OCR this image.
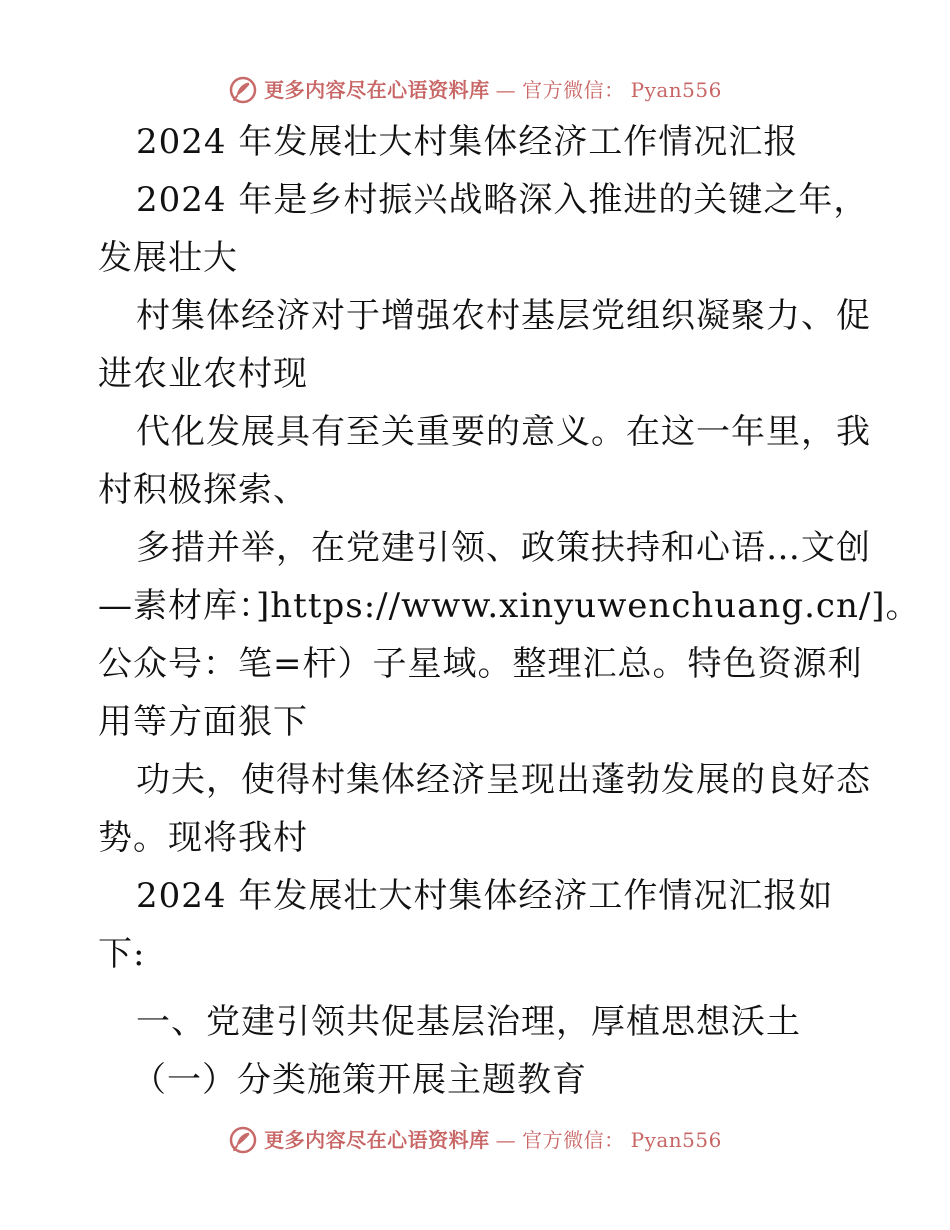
更多内容尽在心语资料库 — 官方微信： Pyan556

2024 年发展壮大村集体经济工作情况汇报

2024 年是乡村振兴战略深入推进的关键之年，

发展壮大

村集体经济对于增强农村基层党组织凝聚力、促

进农业农村现

代化发展具有至关重要的意义。在这一年里，我

村积极探索、

多措并举，在党建引领、政策扶持和心语…文创

—素材库：]https://www.xinyuwenchuang.cn/]。

公众号：笔=杆）子星域。整理汇总。特色资源利

用等方面狠下

功夫，使得村集体经济呈现出蓬勃发展的良好态

势。现将我村

2024 年发展壮大村集体经济工作情况汇报如

下:

一、党建引领共促基层治理，厚植思想沃土

（一）分类施策开展主题教育

更多内容尽在心语资料库 — 官方微信： Pyan556
